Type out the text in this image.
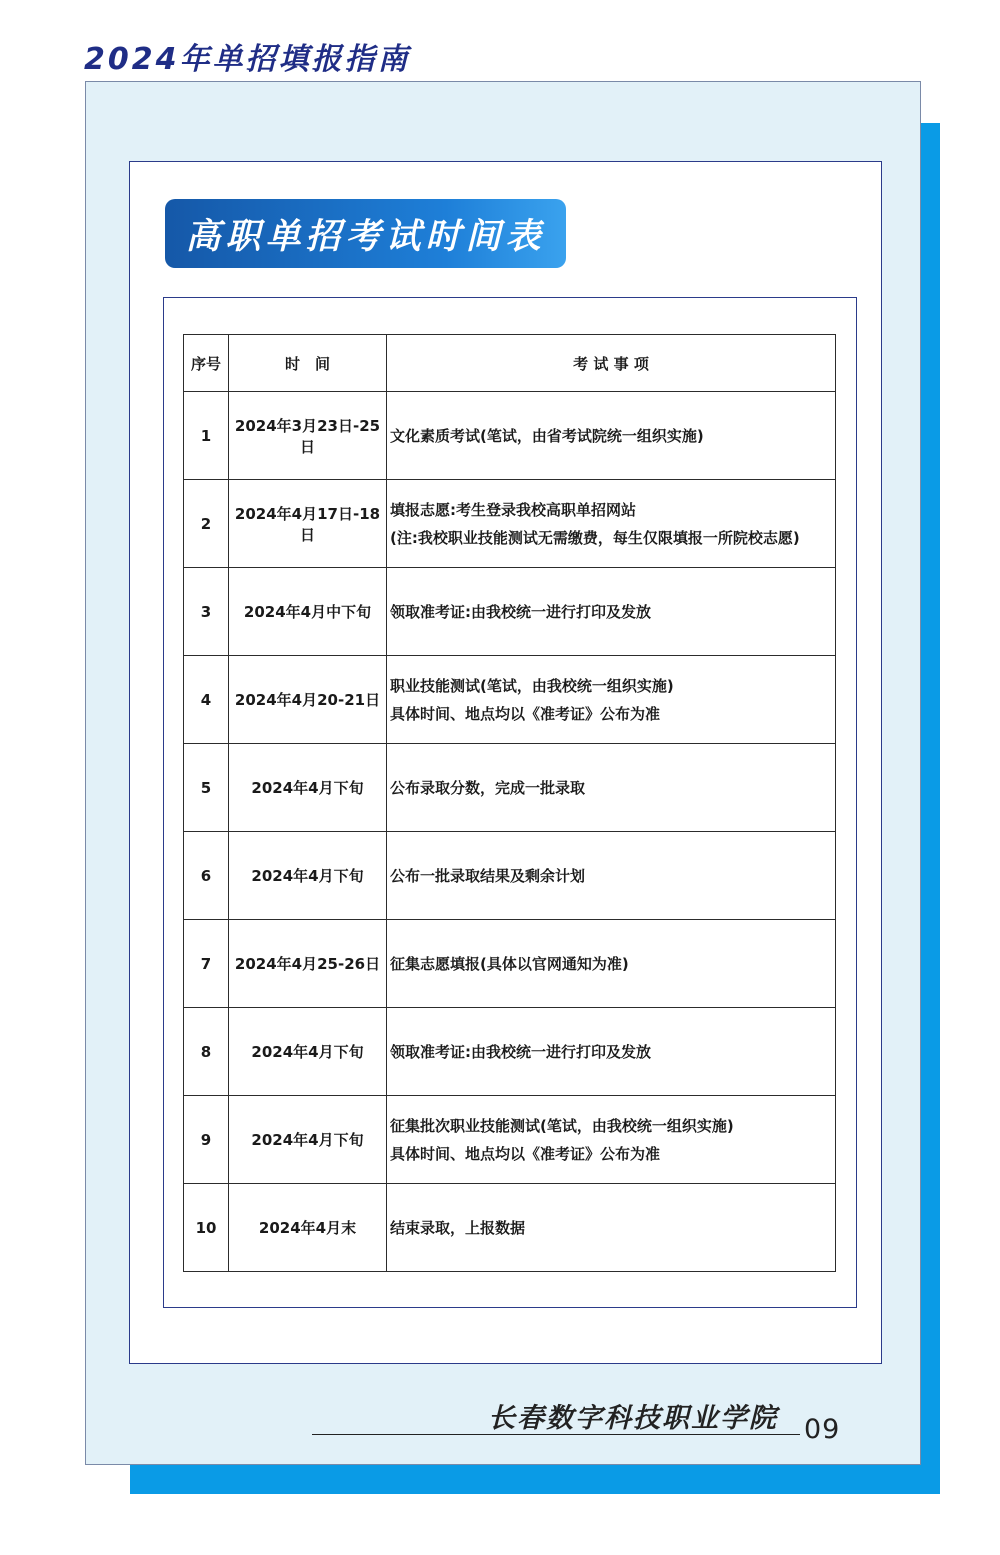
2024年单招填报指南
高职单招考试时间表
序号	时　间	考 试 事 项
1	2024年3月23日-25日	文化素质考试(笔试，由省考试院统一组织实施)

2	2024年4月17日-18日	填报志愿:考生登录我校高职单招网站
(注:我校职业技能测试无需缴费，每生仅限填报一所院校志愿)

3	2024年4月中下旬	领取准考证:由我校统一进行打印及发放

4	2024年4月20-21日	职业技能测试(笔试，由我校统一组织实施)
具体时间、地点均以《准考证》公布为准

5	2024年4月下旬	公布录取分数，完成一批录取

6	2024年4月下旬	公布一批录取结果及剩余计划

7	2024年4月25-26日	征集志愿填报(具体以官网通知为准)

8	2024年4月下旬	领取准考证:由我校统一进行打印及发放

9	2024年4月下旬	征集批次职业技能测试(笔试，由我校统一组织实施)
具体时间、地点均以《准考证》公布为准

10	2024年4月末	结束录取，上报数据
长春数字科技职业学院 09
